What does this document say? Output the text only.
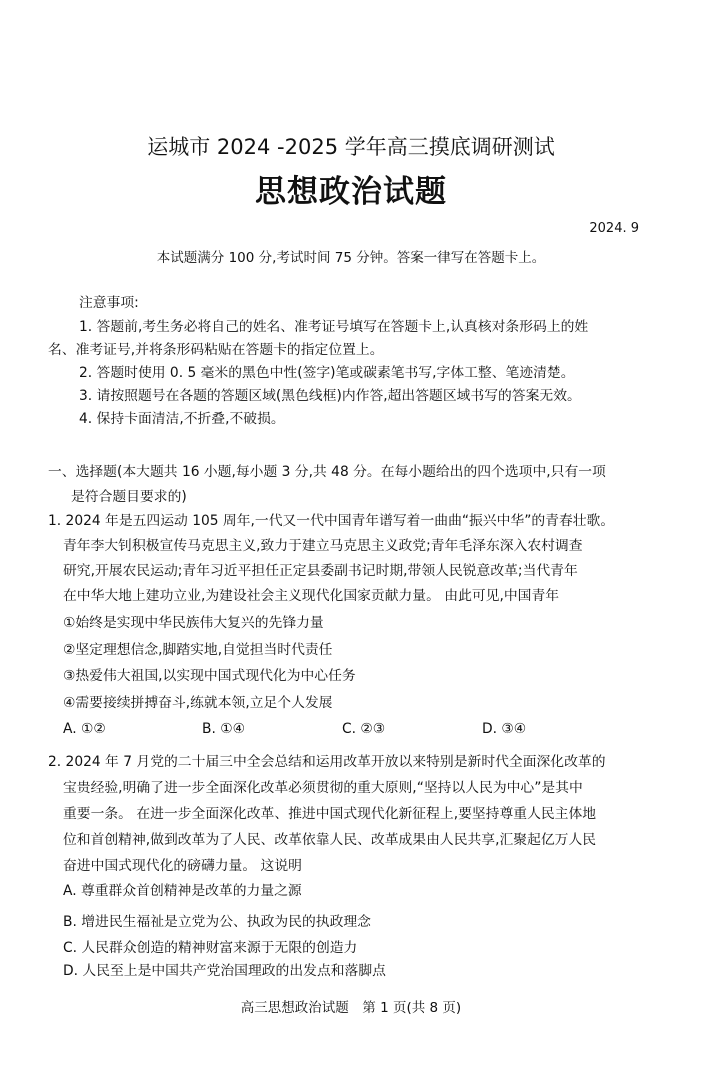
运城市 2024 -2025 学年高三摸底调研测试
思想政治试题
2024. 9
本试题满分 100 分,考试时间 75 分钟。答案一律写在答题卡上。
注意事项:
1. 答题前,考生务必将自己的姓名、准考证号填写在答题卡上,认真核对条形码上的姓
名、准考证号,并将条形码粘贴在答题卡的指定位置上。
2. 答题时使用 0. 5 毫米的黑色中性(签字)笔或碳素笔书写,字体工整、笔迹清楚。
3. 请按照题号在各题的答题区域(黑色线框)内作答,超出答题区域书写的答案无效。
4. 保持卡面清洁,不折叠,不破损。
一、选择题(本大题共 16 小题,每小题 3 分,共 48 分。在每小题给出的四个选项中,只有一项
是符合题目要求的)
1. 2024 年是五四运动 105 周年,一代又一代中国青年谱写着一曲曲“振兴中华”的青春壮歌。
青年李大钊积极宣传马克思主义,致力于建立马克思主义政党;青年毛泽东深入农村调查
研究,开展农民运动;青年习近平担任正定县委副书记时期,带领人民锐意改革;当代青年
在中华大地上建功立业,为建设社会主义现代化国家贡献力量。 由此可见,中国青年
①始终是实现中华民族伟大复兴的先锋力量
②坚定理想信念,脚踏实地,自觉担当时代责任
③热爱伟大祖国,以实现中国式现代化为中心任务
④需要接续拼搏奋斗,练就本领,立足个人发展
A. ①②	B. ①④	C. ②③	D. ③④
2. 2024 年 7 月党的二十届三中全会总结和运用改革开放以来特别是新时代全面深化改革的
宝贵经验,明确了进一步全面深化改革必须贯彻的重大原则,“坚持以人民为中心”是其中
重要一条。 在进一步全面深化改革、推进中国式现代化新征程上,要坚持尊重人民主体地
位和首创精神,做到改革为了人民、改革依靠人民、改革成果由人民共享,汇聚起亿万人民
奋进中国式现代化的磅礴力量。 这说明
A. 尊重群众首创精神是改革的力量之源
B. 增进民生福祉是立党为公、执政为民的执政理念
C. 人民群众创造的精神财富来源于无限的创造力
D. 人民至上是中国共产党治国理政的出发点和落脚点
高三思想政治试题　第 1 页(共 8 页)
